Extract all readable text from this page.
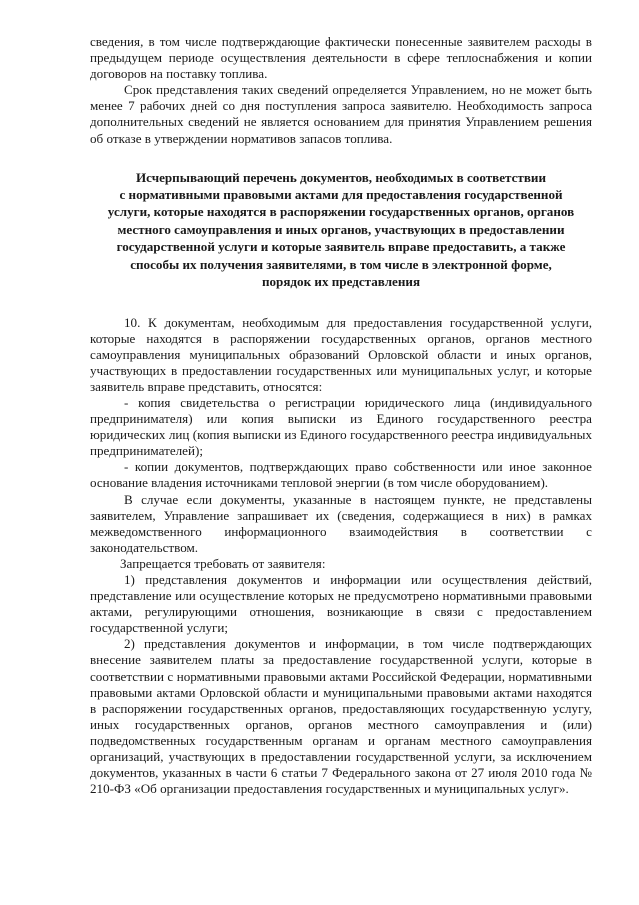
сведения, в том числе подтверждающие фактически понесенные заявителем расходы в предыдущем периоде осуществления деятельности в сфере теплоснабжения и копии договоров на поставку топлива.

Срок представления таких сведений определяется Управлением, но не может быть менее 7 рабочих дней со дня поступления запроса заявителю. Необходимость запроса дополнительных сведений не является основанием для принятия Управлением решения об отказе в утверждении нормативов запасов топлива.

Исчерпывающий перечень документов, необходимых в соответствии
с нормативными правовыми актами для предоставления государственной
услуги, которые находятся в распоряжении государственных органов, органов
местного самоуправления и иных органов, участвующих в предоставлении
государственной услуги и которые заявитель вправе предоставить, а также
способы их получения заявителями, в том числе в электронной форме,
порядок их представления

10. К документам, необходимым для предоставления государственной услуги, которые находятся в распоряжении государственных органов, органов местного самоуправления муниципальных образований Орловской области и иных органов, участвующих в предоставлении государственных или муниципальных услуг, и которые заявитель вправе представить, относятся:

- копия свидетельства о регистрации юридического лица (индивидуального предпринимателя) или копия выписки из Единого государственного реестра юридических лиц (копия выписки из Единого государственного реестра индивидуальных предпринимателей);

- копии документов, подтверждающих право собственности или иное законное основание владения источниками тепловой энергии (в том числе оборудованием).

В случае если документы, указанные в настоящем пункте, не представлены заявителем, Управление запрашивает их (сведения, содержащиеся в них) в рамках межведомственного информационного взаимодействия в соответствии с законодательством.

Запрещается требовать от заявителя:

1) представления документов и информации или осуществления действий, представление или осуществление которых не предусмотрено нормативными правовыми актами, регулирующими отношения, возникающие в связи с предоставлением государственной услуги;

2) представления документов и информации, в том числе подтверждающих внесение заявителем платы за предоставление государственной услуги, которые в соответствии с нормативными правовыми актами Российской Федерации, нормативными правовыми актами Орловской области и муниципальными правовыми актами находятся в распоряжении государственных органов, предоставляющих государственную услугу, иных государственных органов, органов местного самоуправления и (или) подведомственных государственным органам и органам местного самоуправления организаций, участвующих в предоставлении государственной услуги, за исключением документов, указанных в части 6 статьи 7 Федерального закона от 27 июля 2010 года № 210-ФЗ «Об организации предоставления государственных и муниципальных услуг».
